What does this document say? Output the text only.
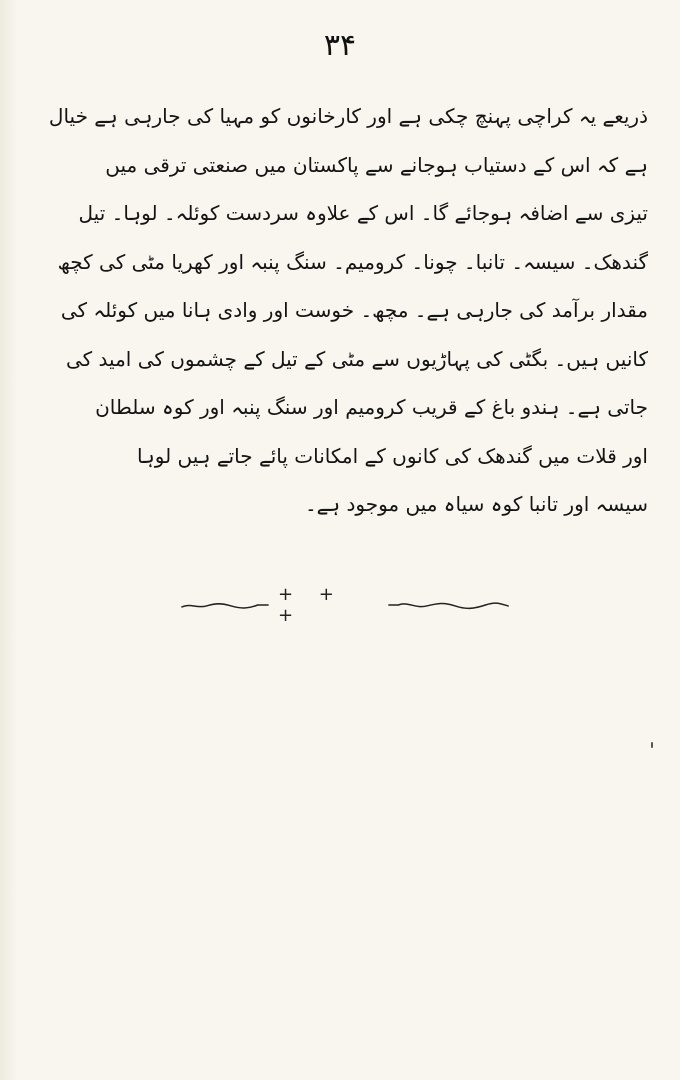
۳۴
ذریعے یہ کراچی پہنچ چکی ہے اور کارخانوں کو مہیا کی جارہی ہے خیال
ہے کہ اس کے دستیاب ہوجانے سے پاکستان میں صنعتی ترقی میں
تیزی سے اضافہ ہوجائے گا۔ اس کے علاوہ سردست کوئلہ۔ لوہا۔ تیل
گندھک۔ سیسہ۔ تانبا۔ چونا۔ کرومیم۔ سنگ پنبہ اور کھریا مٹی کی کچھ
مقدار برآمد کی جارہی ہے۔ مچھ۔ خوست اور وادی ہانا میں کوئلہ کی
کانیں ہیں۔ بگٹی کی پہاڑیوں سے مٹی کے تیل کے چشموں کی امید کی
جاتی ہے۔ ہندو باغ کے قریب کرومیم اور سنگ پنبہ اور کوہ سلطان
اور قلات میں گندھک کی کانوں کے امکانات پائے جاتے ہیں لوہا
سیسہ اور تانبا کوہ سیاہ میں موجود ہے۔
+ + +
